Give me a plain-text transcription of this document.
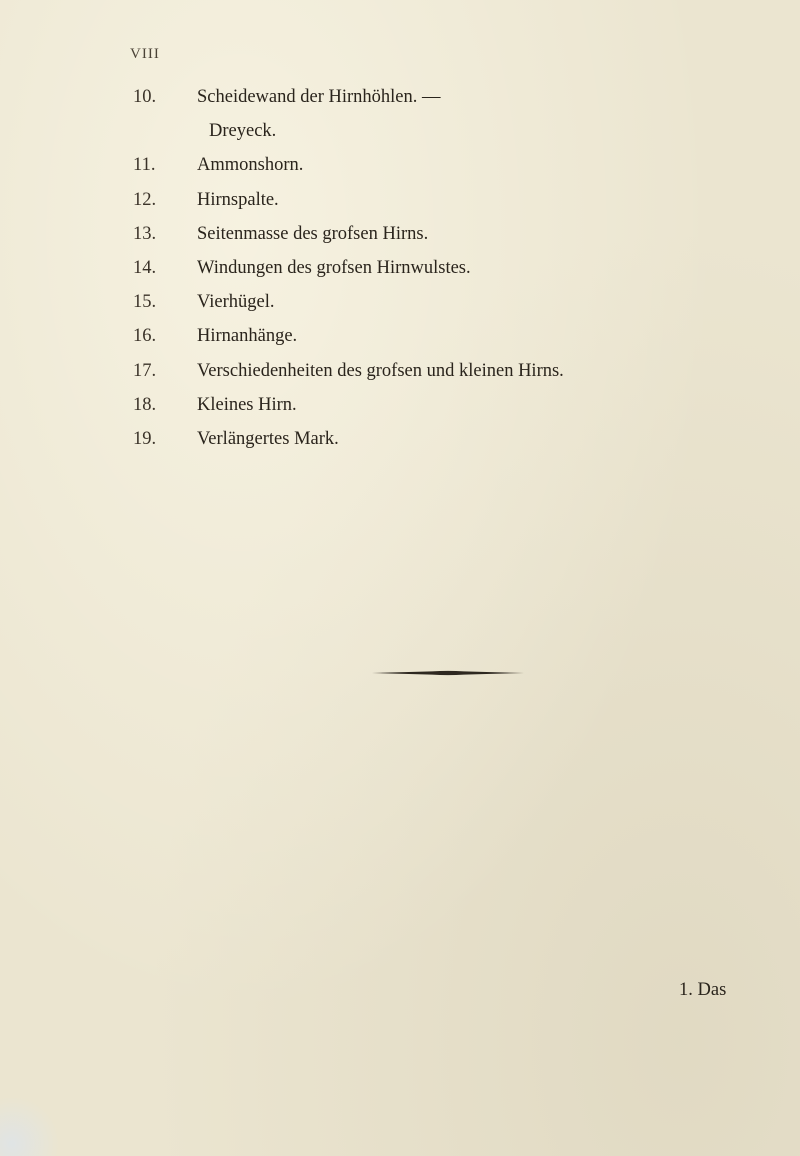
VIII
10.	Scheidewand der Hirnhöhlen. —
Dreyeck.
11.	Ammonshorn.
12.	Hirnspalte.
13.	Seitenmasse des grofsen Hirns.
14.	Windungen des grofsen Hirnwulstes.
15.	Vierhügel.
16.	Hirnanhänge.
17.	Verschiedenheiten des grofsen und kleinen Hirns.
18.	Kleines Hirn.
19.	Verlängertes Mark.
1. Das
